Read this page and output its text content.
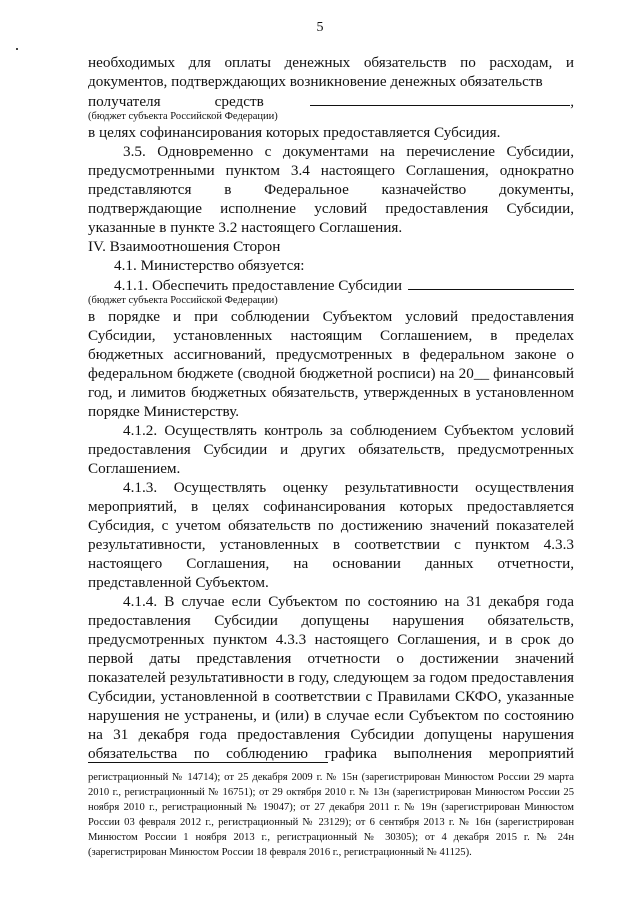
5

необходимых для оплаты денежных обязательств по расходам, и документов, подтверждающих возникновение денежных обязательств

получателя	средств	,

(бюджет субъекта Российской Федерации)

в целях софинансирования которых предоставляется Субсидия.

3.5. Одновременно с документами на перечисление Субсидии, предусмотренными пунктом 3.4 настоящего Соглашения, однократно представляются в Федеральное казначейство документы, подтверждающие исполнение условий предоставления Субсидии, указанные в пункте 3.2 настоящего Соглашения.

IV. Взаимоотношения Сторон

4.1. Министерство обязуется:

4.1.1. Обеспечить предоставление Субсидии

(бюджет субъекта Российской Федерации)

в порядке и при соблюдении Субъектом условий предоставления Субсидии, установленных настоящим Соглашением, в пределах бюджетных ассигнований, предусмотренных в федеральном законе о федеральном бюджете (сводной бюджетной росписи) на 20__ финансовый год, и лимитов бюджетных обязательств, утвержденных в установленном порядке Министерству.

4.1.2. Осуществлять контроль за соблюдением Субъектом условий предоставления Субсидии и других обязательств, предусмотренных Соглашением.

4.1.3. Осуществлять оценку результативности осуществления мероприятий, в целях софинансирования которых предоставляется Субсидия, с учетом обязательств по достижению значений показателей результативности, установленных в соответствии с пунктом 4.3.3 настоящего Соглашения, на основании данных отчетности, представленной Субъектом.

4.1.4. В случае если Субъектом по состоянию на 31 декабря года предоставления Субсидии допущены нарушения обязательств, предусмотренных пунктом 4.3.3 настоящего Соглашения, и в срок до первой даты представления отчетности о достижении значений показателей результативности в году, следующем за годом предоставления Субсидии, установленной в соответствии с Правилами СКФО, указанные нарушения не устранены, и (или) в случае если Субъектом по состоянию на 31 декабря года предоставления Субсидии допущены нарушения обязательства по соблюдению графика выполнения мероприятий

регистрационный № 14714); от 25 декабря 2009 г. № 15н (зарегистрирован Минюстом России 29 марта 2010 г., регистрационный № 16751); от 29 октября 2010 г. № 13н (зарегистрирован Минюстом России 25 ноября 2010 г., регистрационный № 19047); от 27 декабря 2011 г. № 19н (зарегистрирован Минюстом России 03 февраля 2012 г., регистрационный № 23129); от 6 сентября 2013 г. № 16н (зарегистрирован Минюстом России 1 ноября 2013 г., регистрационный № 30305); от 4 декабря 2015 г. № 24н (зарегистрирован Минюстом России 18 февраля 2016 г., регистрационный № 41125).
